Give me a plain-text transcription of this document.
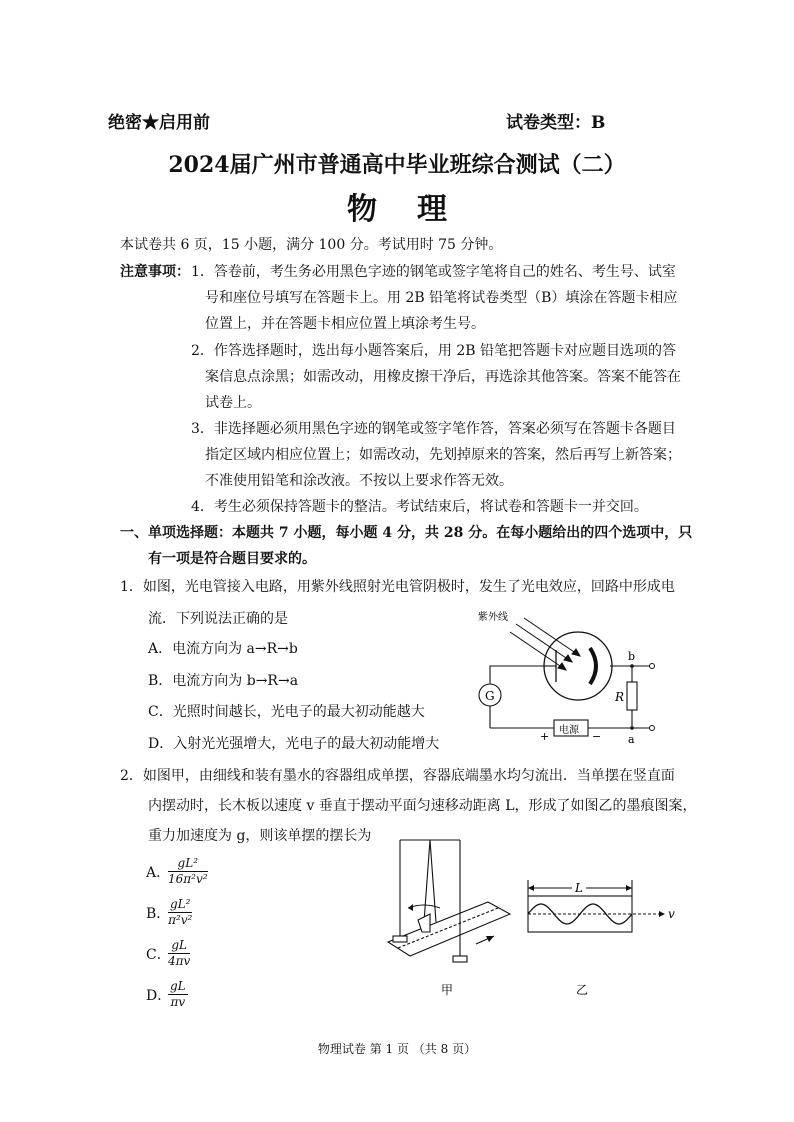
绝密★启用前	试卷类型：B
2024届广州市普通高中毕业班综合测试（二）
物理
本试卷共 6 页，15 小题，满分 100 分。考试用时 75 分钟。
注意事项： 1．答卷前，考生务必用黑色字迹的钢笔或签字笔将自己的姓名、考生号、试室
号和座位号填写在答题卡上。用 2B 铅笔将试卷类型（B）填涂在答题卡相应
位置上，并在答题卡相应位置上填涂考生号。
2．作答选择题时，选出每小题答案后，用 2B 铅笔把答题卡对应题目选项的答
案信息点涂黑；如需改动，用橡皮擦干净后，再选涂其他答案。答案不能答在
试卷上。
3．非选择题必须用黑色字迹的钢笔或签字笔作答，答案必须写在答题卡各题目
指定区域内相应位置上；如需改动，先划掉原来的答案，然后再写上新答案；
不准使用铅笔和涂改液。不按以上要求作答无效。
4．考生必须保持答题卡的整洁。考试结束后，将试卷和答题卡一并交回。
一、单项选择题：本题共 7 小题，每小题 4 分，共 28 分。在每小题给出的四个选项中，只
有一项是符合题目要求的。
1．如图，光电管接入电路，用紫外线照射光电管阴极时，发生了光电效应，回路中形成电
流．下列说法正确的是
A．电流方向为 a→R→b
B．电流方向为 b→R→a
C．光照时间越长，光电子的最大初动能越大
D．入射光光强增大，光电子的最大初动能增大
紫外线
G	R
电源
+	−
b
a
2．如图甲，由细线和装有墨水的容器组成单摆，容器底端墨水均匀流出．当单摆在竖直面
内摆动时，长木板以速度 v 垂直于摆动平面匀速移动距离 L，形成了如图乙的墨痕图案，
重力加速度为 g，则该单摆的摆长为
A．
$\frac{\text{gL²}}{\text{16π²v²}}$
B．
$\frac{\text{gL²}}{\text{π²v²}}$
C．
$\frac{gL}{4\pi v}$
D．
$\frac{gL}{\pi v}$	甲
L
v
乙
物理试卷 第 1 页 （共 8 页）
